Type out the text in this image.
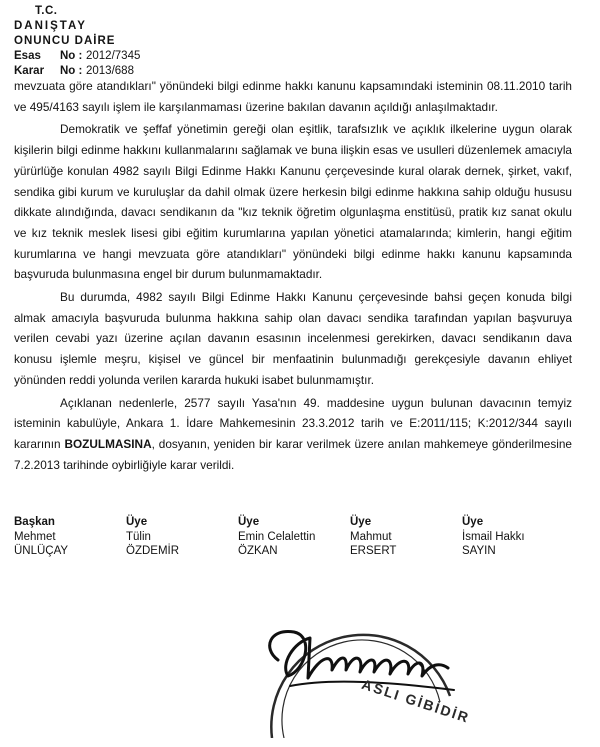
T.C.
DANIŞTAY
ONUNCU DAİRE
Esas	No : 2012/7345
Karar	No : 2013/688

mevzuata göre atandıkları" yönündeki bilgi edinme hakkı kanunu kapsamındaki isteminin 08.11.2010 tarih ve 495/4163 sayılı işlem ile karşılanmaması üzerine bakılan davanın açıldığı anlaşılmaktadır.

Demokratik ve şeffaf yönetimin gereği olan eşitlik, tarafsızlık ve açıklık ilkelerine uygun olarak kişilerin bilgi edinme hakkını kullanmalarını sağlamak ve buna ilişkin esas ve usulleri düzenlemek amacıyla yürürlüğe konulan 4982 sayılı Bilgi Edinme Hakkı Kanunu çerçevesinde kural olarak dernek, şirket, vakıf, sendika gibi kurum ve kuruluşlar da dahil olmak üzere herkesin bilgi edinme hakkına sahip olduğu hususu dikkate alındığında, davacı sendikanın da "kız teknik öğretim olgunlaşma enstitüsü, pratik kız sanat okulu ve kız teknik meslek lisesi gibi eğitim kurumlarına yapılan yönetici atamalarında; kimlerin, hangi eğitim kurumlarına ve hangi mevzuata göre atandıkları" yönündeki bilgi edinme hakkı kanunu kapsamında başvuruda bulunmasına engel bir durum bulunmamaktadır.

Bu durumda, 4982 sayılı Bilgi Edinme Hakkı Kanunu çerçevesinde bahsi geçen konuda bilgi almak amacıyla başvuruda bulunma hakkına sahip olan davacı sendika tarafından yapılan başvuruya verilen cevabi yazı üzerine açılan davanın esasının incelenmesi gerekirken, davacı sendikanın dava konusu işlemle meşru, kişisel ve güncel bir menfaatinin bulunmadığı gerekçesiyle davanın ehliyet yönünden reddi yolunda verilen kararda hukuki isabet bulunmamıştır.

Açıklanan nedenlerle, 2577 sayılı Yasa'nın 49. maddesine uygun bulunan davacının temyiz isteminin kabulüyle, Ankara 1. İdare Mahkemesinin 23.3.2012 tarih ve E:2011/115; K:2012/344 sayılı kararının BOZULMASINA, dosyanın, yeniden bir karar verilmek üzere anılan mahkemeye gönderilmesine 7.2.2013 tarihinde oybirliğiyle karar verildi.

Başkan
Mehmet
ÜNLÜÇAY
Üye
Tülin
ÖZDEMİR
Üye
Emin Celalettin
ÖZKAN
Üye
Mahmut
ERSERT
Üye
İsmail Hakkı
SAYIN
ASLI GİBİDİR
